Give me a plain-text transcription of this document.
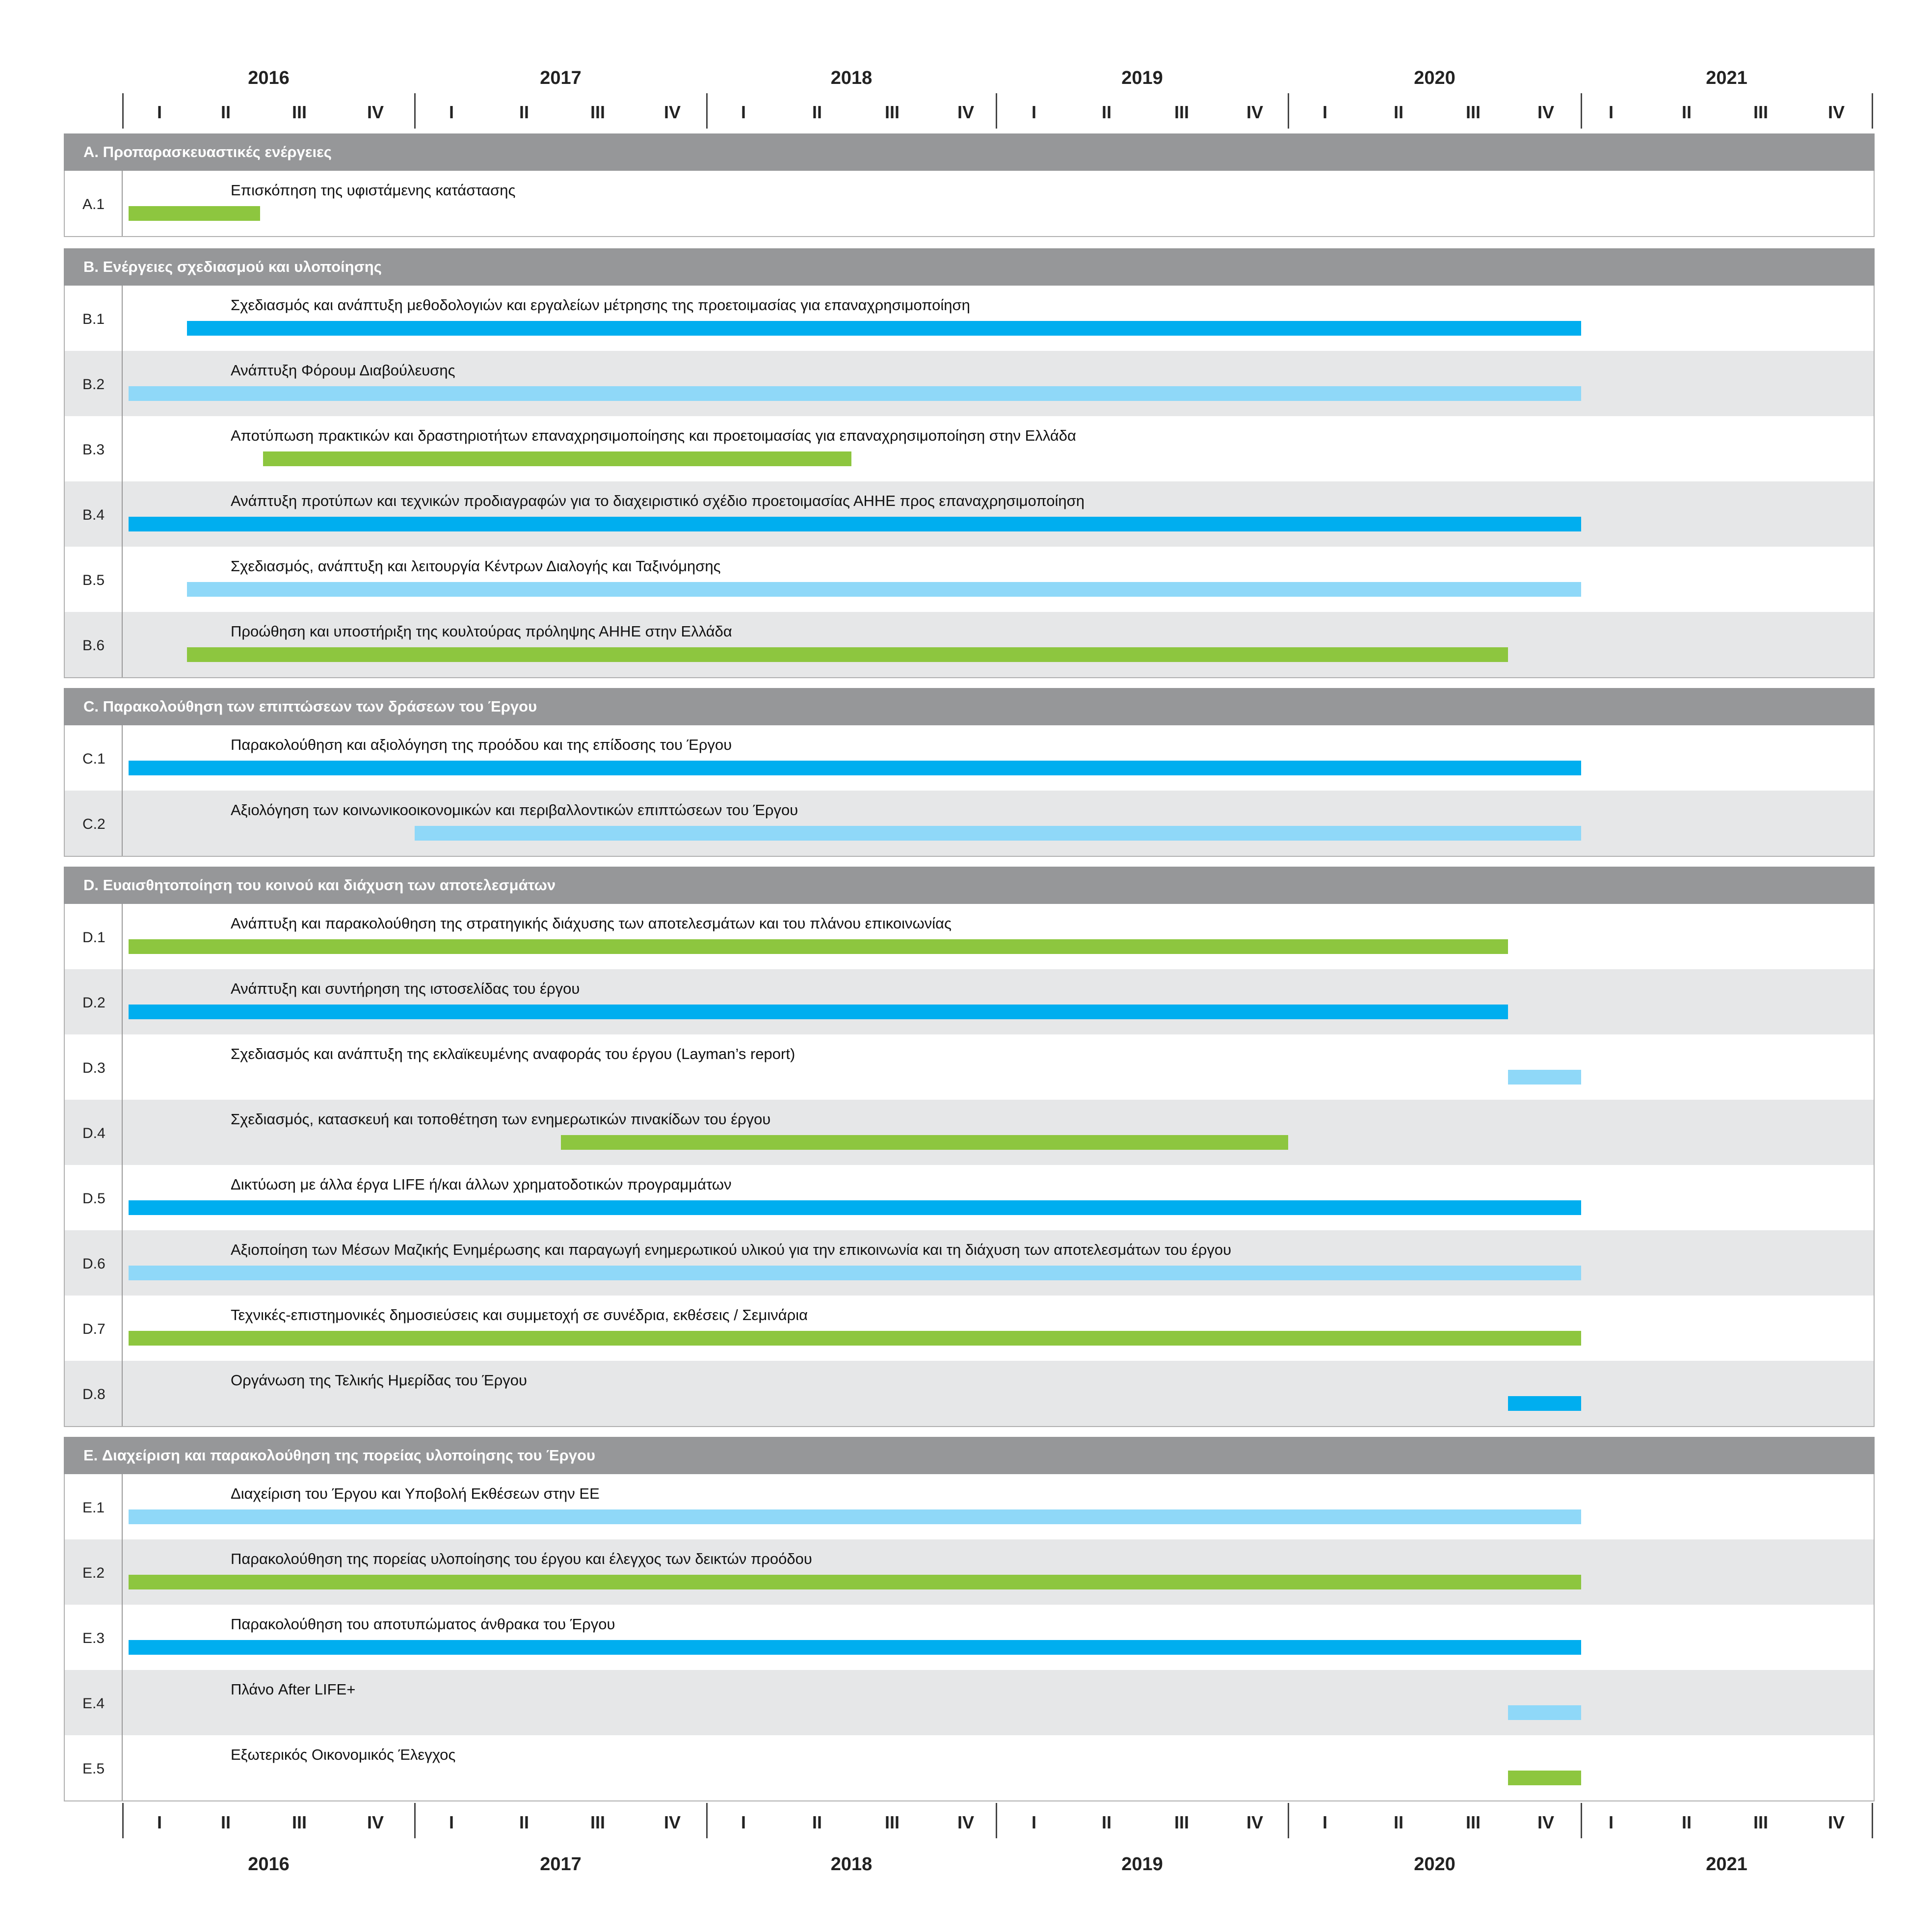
2016
I	II	III	IV
2017
I	II	III	IV
2018
I	II	III	IV
2019
I	II	III	IV
2020
I	II	III	IV
2021
I	II	III	IV
2016
I	II	III	IV
2017
I	II	III	IV
2018
I	II	III	IV
2019
I	II	III	IV
2020
I	II	III	IV
2021
I	II	III	IV
A. Προπαρασκευαστικές ενέργειες
A.1
Επισκόπηση της υφιστάμενης κατάστασης
B. Ενέργειες σχεδιασμού και υλοποίησης
B.1
Σχεδιασμός και ανάπτυξη μεθοδολογιών και εργαλείων μέτρησης της προετοιμασίας για επαναχρησιμοποίηση
B.2
Ανάπτυξη Φόρουμ Διαβούλευσης
B.3
Αποτύπωση πρακτικών και δραστηριοτήτων επαναχρησιμοποίησης και προετοιμασίας για επαναχρησιμοποίηση στην Ελλάδα
B.4
Ανάπτυξη προτύπων και τεχνικών προδιαγραφών για το διαχειριστικό σχέδιο προετοιμασίας ΑΗΗΕ προς επαναχρησιμοποίηση
B.5
Σχεδιασμός, ανάπτυξη και λειτουργία Κέντρων Διαλογής και Ταξινόμησης
B.6
Προώθηση και υποστήριξη της κουλτούρας πρόληψης ΑΗΗΕ στην Ελλάδα
C. Παρακολούθηση των επιπτώσεων των δράσεων του Έργου
C.1
Παρακολούθηση και αξιολόγηση της προόδου και της επίδοσης του Έργου
C.2
Αξιολόγηση των κοινωνικοοικονομικών και περιβαλλοντικών επιπτώσεων του Έργου
D. Ευαισθητοποίηση του κοινού και διάχυση των αποτελεσμάτων
D.1
Ανάπτυξη και παρακολούθηση της στρατηγικής διάχυσης των αποτελεσμάτων και του πλάνου επικοινωνίας
D.2
Ανάπτυξη και συντήρηση της ιστοσελίδας του έργου
D.3
Σχεδιασμός και ανάπτυξη της εκλαϊκευμένης αναφοράς του έργου (Layman’s report)
D.4
Σχεδιασμός, κατασκευή και τοποθέτηση των ενημερωτικών πινακίδων του έργου
D.5
Δικτύωση με άλλα έργα LIFE ή/και άλλων χρηματοδοτικών προγραμμάτων
D.6
Αξιοποίηση των Μέσων Μαζικής Ενημέρωσης και παραγωγή ενημερωτικού υλικού για την επικοινωνία και τη διάχυση των αποτελεσμάτων του έργου
D.7
Τεχνικές-επιστημονικές δημοσιεύσεις και συμμετοχή σε συνέδρια, εκθέσεις / Σεμινάρια
D.8
Οργάνωση της Τελικής Ημερίδας του Έργου
E. Διαχείριση και παρακολούθηση της πορείας υλοποίησης του Έργου
E.1
Διαχείριση του Έργου και Υποβολή Εκθέσεων στην ΕΕ
E.2
Παρακολούθηση της πορείας υλοποίησης του έργου και έλεγχος των δεικτών προόδου
E.3
Παρακολούθηση του αποτυπώματος άνθρακα του Έργου
E.4
Πλάνο After LIFE+
E.5
Εξωτερικός Οικονομικός Έλεγχος
